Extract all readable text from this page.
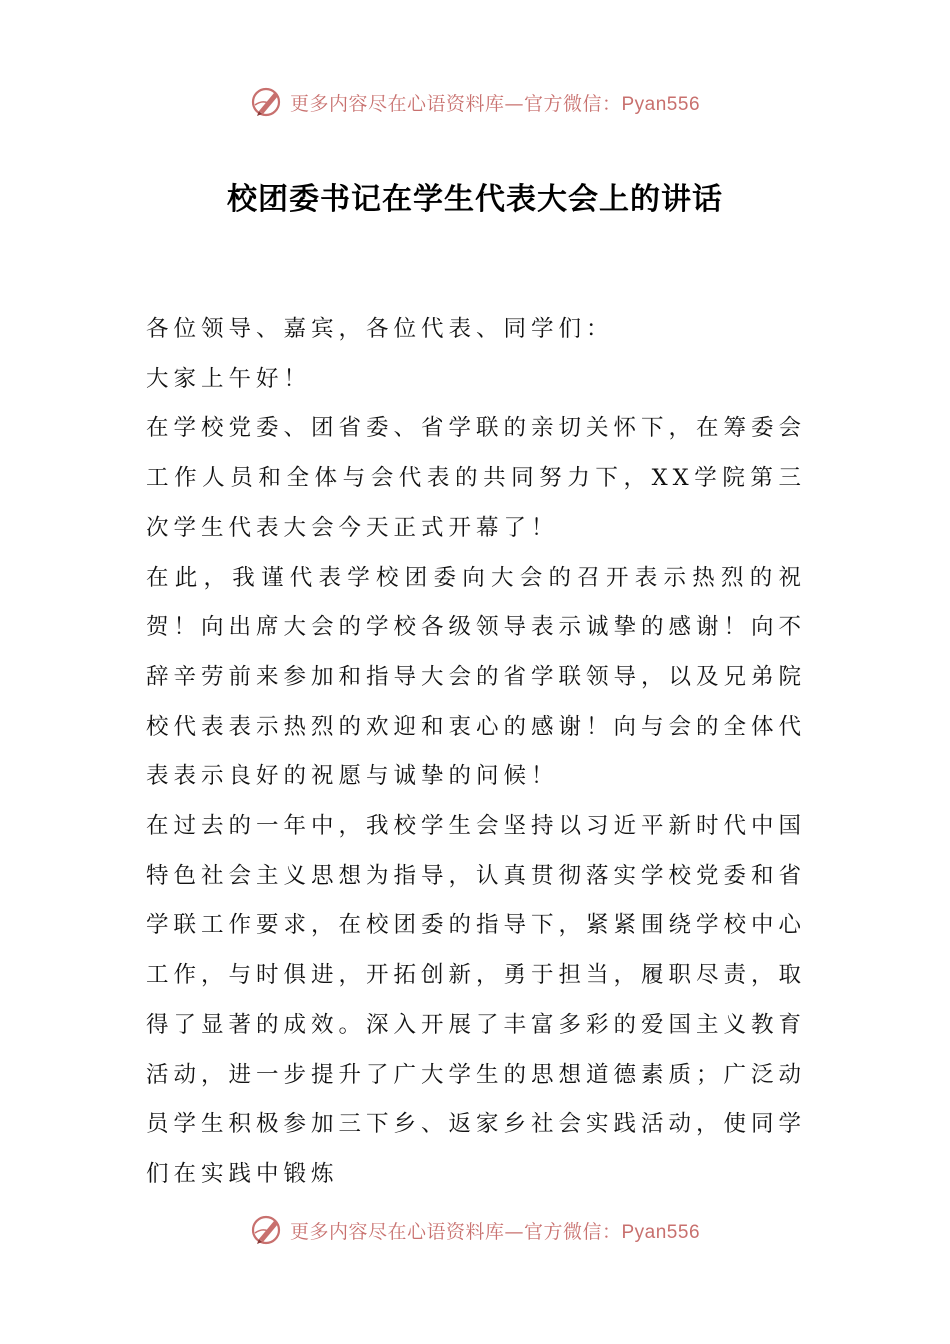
更多内容尽在心语资料库—官方微信：Pyan556
校团委书记在学生代表大会上的讲话

各位领导、嘉宾，各位代表、同学们：

大家上午好！

在学校党委、团省委、省学联的亲切关怀下，在筹委会工作人员和全体与会代表的共同努力下，XX学院第三次学生代表大会今天正式开幕了！

在此，我谨代表学校团委向大会的召开表示热烈的祝贺！向出席大会的学校各级领导表示诚挚的感谢！向不辞辛劳前来参加和指导大会的省学联领导，以及兄弟院校代表表示热烈的欢迎和衷心的感谢！向与会的全体代表表示良好的祝愿与诚挚的问候！

在过去的一年中，我校学生会坚持以习近平新时代中国特色社会主义思想为指导，认真贯彻落实学校党委和省学联工作要求，在校团委的指导下，紧紧围绕学校中心工作，与时俱进，开拓创新，勇于担当，履职尽责，取得了显著的成效。深入开展了丰富多彩的爱国主义教育活动，进一步提升了广大学生的思想道德素质；广泛动员学生积极参加三下乡、返家乡社会实践活动，使同学们在实践中锻炼

更多内容尽在心语资料库—官方微信：Pyan556
